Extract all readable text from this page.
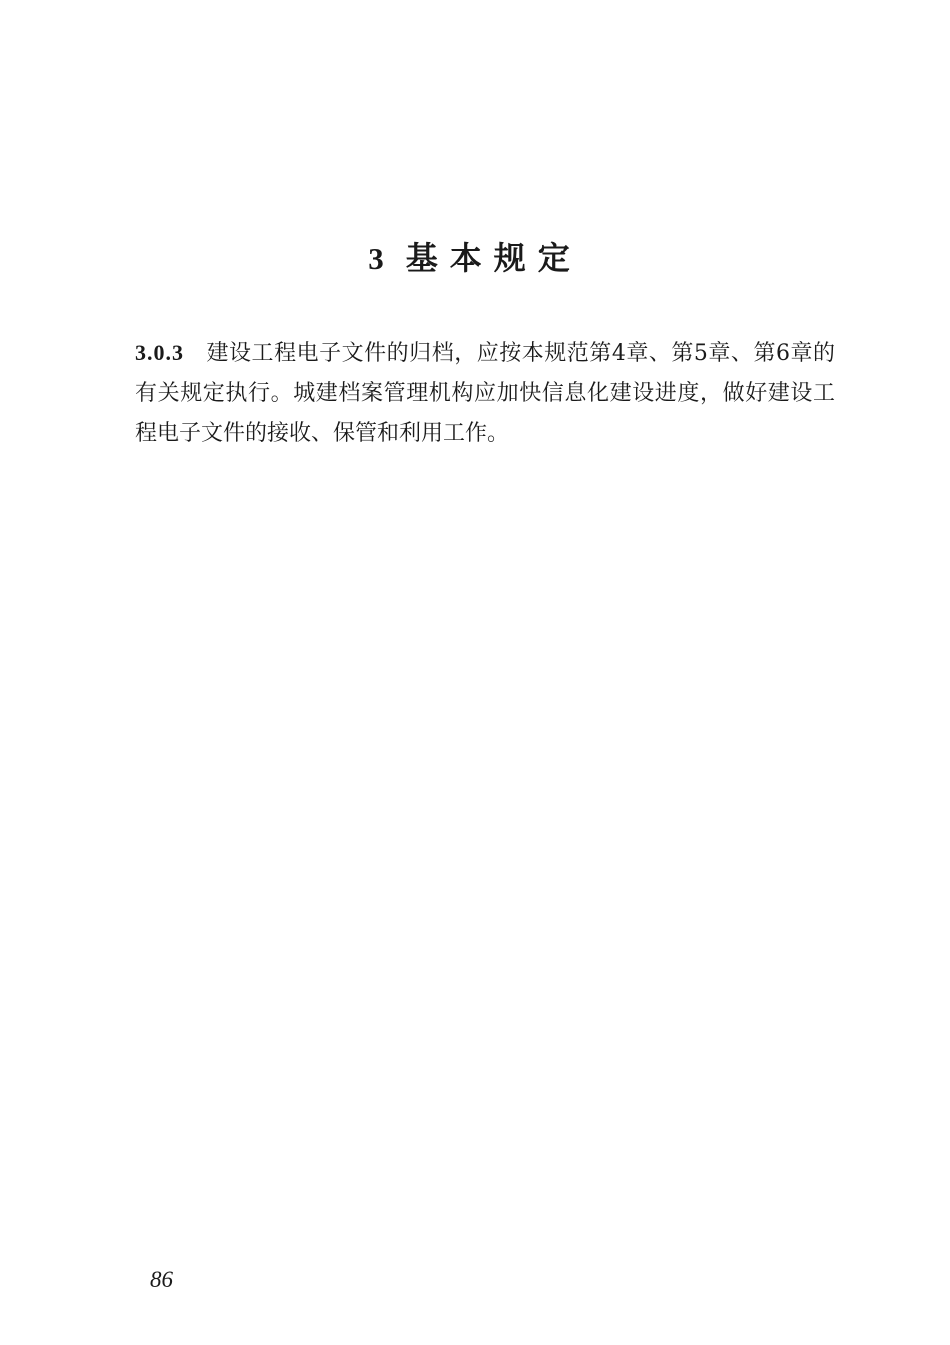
3 基本规定
3.0.3 建设工程电子文件的归档，应按本规范第4章、第5章、第6章的有关规定执行。城建档案管理机构应加快信息化建设进度，做好建设工程电子文件的接收、保管和利用工作。
86
